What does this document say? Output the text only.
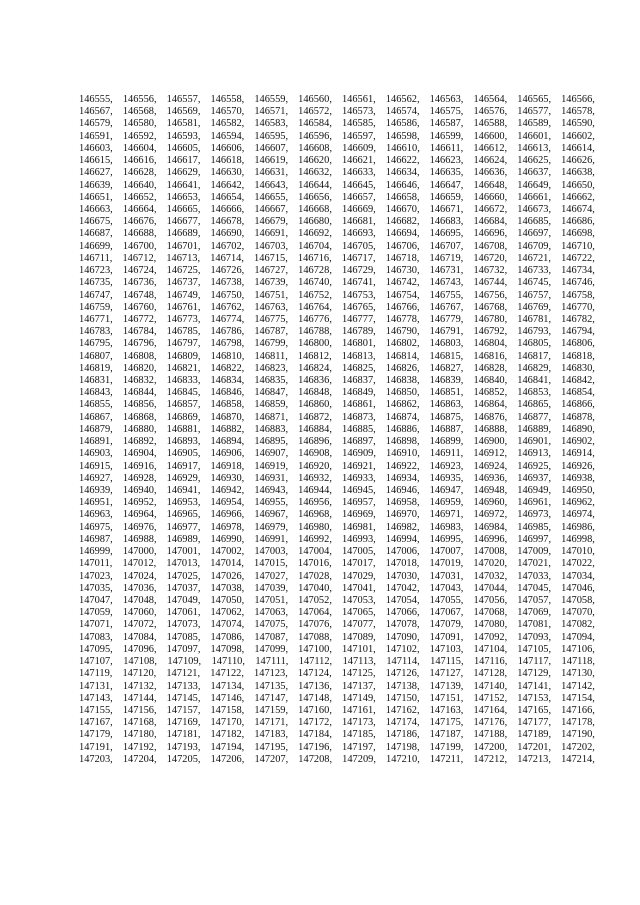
146555, 146556, 146557, 146558, 146559, 146560, 146561, 146562, 146563, 146564, 146565, 146566,
146567, 146568, 146569, 146570, 146571, 146572, 146573, 146574, 146575, 146576, 146577, 146578,
146579, 146580, 146581, 146582, 146583, 146584, 146585, 146586, 146587, 146588, 146589, 146590,
146591, 146592, 146593, 146594, 146595, 146596, 146597, 146598, 146599, 146600, 146601, 146602,
146603, 146604, 146605, 146606, 146607, 146608, 146609, 146610, 146611, 146612, 146613, 146614,
146615, 146616, 146617, 146618, 146619, 146620, 146621, 146622, 146623, 146624, 146625, 146626,
146627, 146628, 146629, 146630, 146631, 146632, 146633, 146634, 146635, 146636, 146637, 146638,
146639, 146640, 146641, 146642, 146643, 146644, 146645, 146646, 146647, 146648, 146649, 146650,
146651, 146652, 146653, 146654, 146655, 146656, 146657, 146658, 146659, 146660, 146661, 146662,
146663, 146664, 146665, 146666, 146667, 146668, 146669, 146670, 146671, 146672, 146673, 146674,
146675, 146676, 146677, 146678, 146679, 146680, 146681, 146682, 146683, 146684, 146685, 146686,
146687, 146688, 146689, 146690, 146691, 146692, 146693, 146694, 146695, 146696, 146697, 146698,
146699, 146700, 146701, 146702, 146703, 146704, 146705, 146706, 146707, 146708, 146709, 146710,
146711, 146712, 146713, 146714, 146715, 146716, 146717, 146718, 146719, 146720, 146721, 146722,
146723, 146724, 146725, 146726, 146727, 146728, 146729, 146730, 146731, 146732, 146733, 146734,
146735, 146736, 146737, 146738, 146739, 146740, 146741, 146742, 146743, 146744, 146745, 146746,
146747, 146748, 146749, 146750, 146751, 146752, 146753, 146754, 146755, 146756, 146757, 146758,
146759, 146760, 146761, 146762, 146763, 146764, 146765, 146766, 146767, 146768, 146769, 146770,
146771, 146772, 146773, 146774, 146775, 146776, 146777, 146778, 146779, 146780, 146781, 146782,
146783, 146784, 146785, 146786, 146787, 146788, 146789, 146790, 146791, 146792, 146793, 146794,
146795, 146796, 146797, 146798, 146799, 146800, 146801, 146802, 146803, 146804, 146805, 146806,
146807, 146808, 146809, 146810, 146811, 146812, 146813, 146814, 146815, 146816, 146817, 146818,
146819, 146820, 146821, 146822, 146823, 146824, 146825, 146826, 146827, 146828, 146829, 146830,
146831, 146832, 146833, 146834, 146835, 146836, 146837, 146838, 146839, 146840, 146841, 146842,
146843, 146844, 146845, 146846, 146847, 146848, 146849, 146850, 146851, 146852, 146853, 146854,
146855, 146856, 146857, 146858, 146859, 146860, 146861, 146862, 146863, 146864, 146865, 146866,
146867, 146868, 146869, 146870, 146871, 146872, 146873, 146874, 146875, 146876, 146877, 146878,
146879, 146880, 146881, 146882, 146883, 146884, 146885, 146886, 146887, 146888, 146889, 146890,
146891, 146892, 146893, 146894, 146895, 146896, 146897, 146898, 146899, 146900, 146901, 146902,
146903, 146904, 146905, 146906, 146907, 146908, 146909, 146910, 146911, 146912, 146913, 146914,
146915, 146916, 146917, 146918, 146919, 146920, 146921, 146922, 146923, 146924, 146925, 146926,
146927, 146928, 146929, 146930, 146931, 146932, 146933, 146934, 146935, 146936, 146937, 146938,
146939, 146940, 146941, 146942, 146943, 146944, 146945, 146946, 146947, 146948, 146949, 146950,
146951, 146952, 146953, 146954, 146955, 146956, 146957, 146958, 146959, 146960, 146961, 146962,
146963, 146964, 146965, 146966, 146967, 146968, 146969, 146970, 146971, 146972, 146973, 146974,
146975, 146976, 146977, 146978, 146979, 146980, 146981, 146982, 146983, 146984, 146985, 146986,
146987, 146988, 146989, 146990, 146991, 146992, 146993, 146994, 146995, 146996, 146997, 146998,
146999, 147000, 147001, 147002, 147003, 147004, 147005, 147006, 147007, 147008, 147009, 147010,
147011, 147012, 147013, 147014, 147015, 147016, 147017, 147018, 147019, 147020, 147021, 147022,
147023, 147024, 147025, 147026, 147027, 147028, 147029, 147030, 147031, 147032, 147033, 147034,
147035, 147036, 147037, 147038, 147039, 147040, 147041, 147042, 147043, 147044, 147045, 147046,
147047, 147048, 147049, 147050, 147051, 147052, 147053, 147054, 147055, 147056, 147057, 147058,
147059, 147060, 147061, 147062, 147063, 147064, 147065, 147066, 147067, 147068, 147069, 147070,
147071, 147072, 147073, 147074, 147075, 147076, 147077, 147078, 147079, 147080, 147081, 147082,
147083, 147084, 147085, 147086, 147087, 147088, 147089, 147090, 147091, 147092, 147093, 147094,
147095, 147096, 147097, 147098, 147099, 147100, 147101, 147102, 147103, 147104, 147105, 147106,
147107, 147108, 147109, 147110, 147111, 147112, 147113, 147114, 147115, 147116, 147117, 147118,
147119, 147120, 147121, 147122, 147123, 147124, 147125, 147126, 147127, 147128, 147129, 147130,
147131, 147132, 147133, 147134, 147135, 147136, 147137, 147138, 147139, 147140, 147141, 147142,
147143, 147144, 147145, 147146, 147147, 147148, 147149, 147150, 147151, 147152, 147153, 147154,
147155, 147156, 147157, 147158, 147159, 147160, 147161, 147162, 147163, 147164, 147165, 147166,
147167, 147168, 147169, 147170, 147171, 147172, 147173, 147174, 147175, 147176, 147177, 147178,
147179, 147180, 147181, 147182, 147183, 147184, 147185, 147186, 147187, 147188, 147189, 147190,
147191, 147192, 147193, 147194, 147195, 147196, 147197, 147198, 147199, 147200, 147201, 147202,
147203, 147204, 147205, 147206, 147207, 147208, 147209, 147210, 147211, 147212, 147213, 147214,
